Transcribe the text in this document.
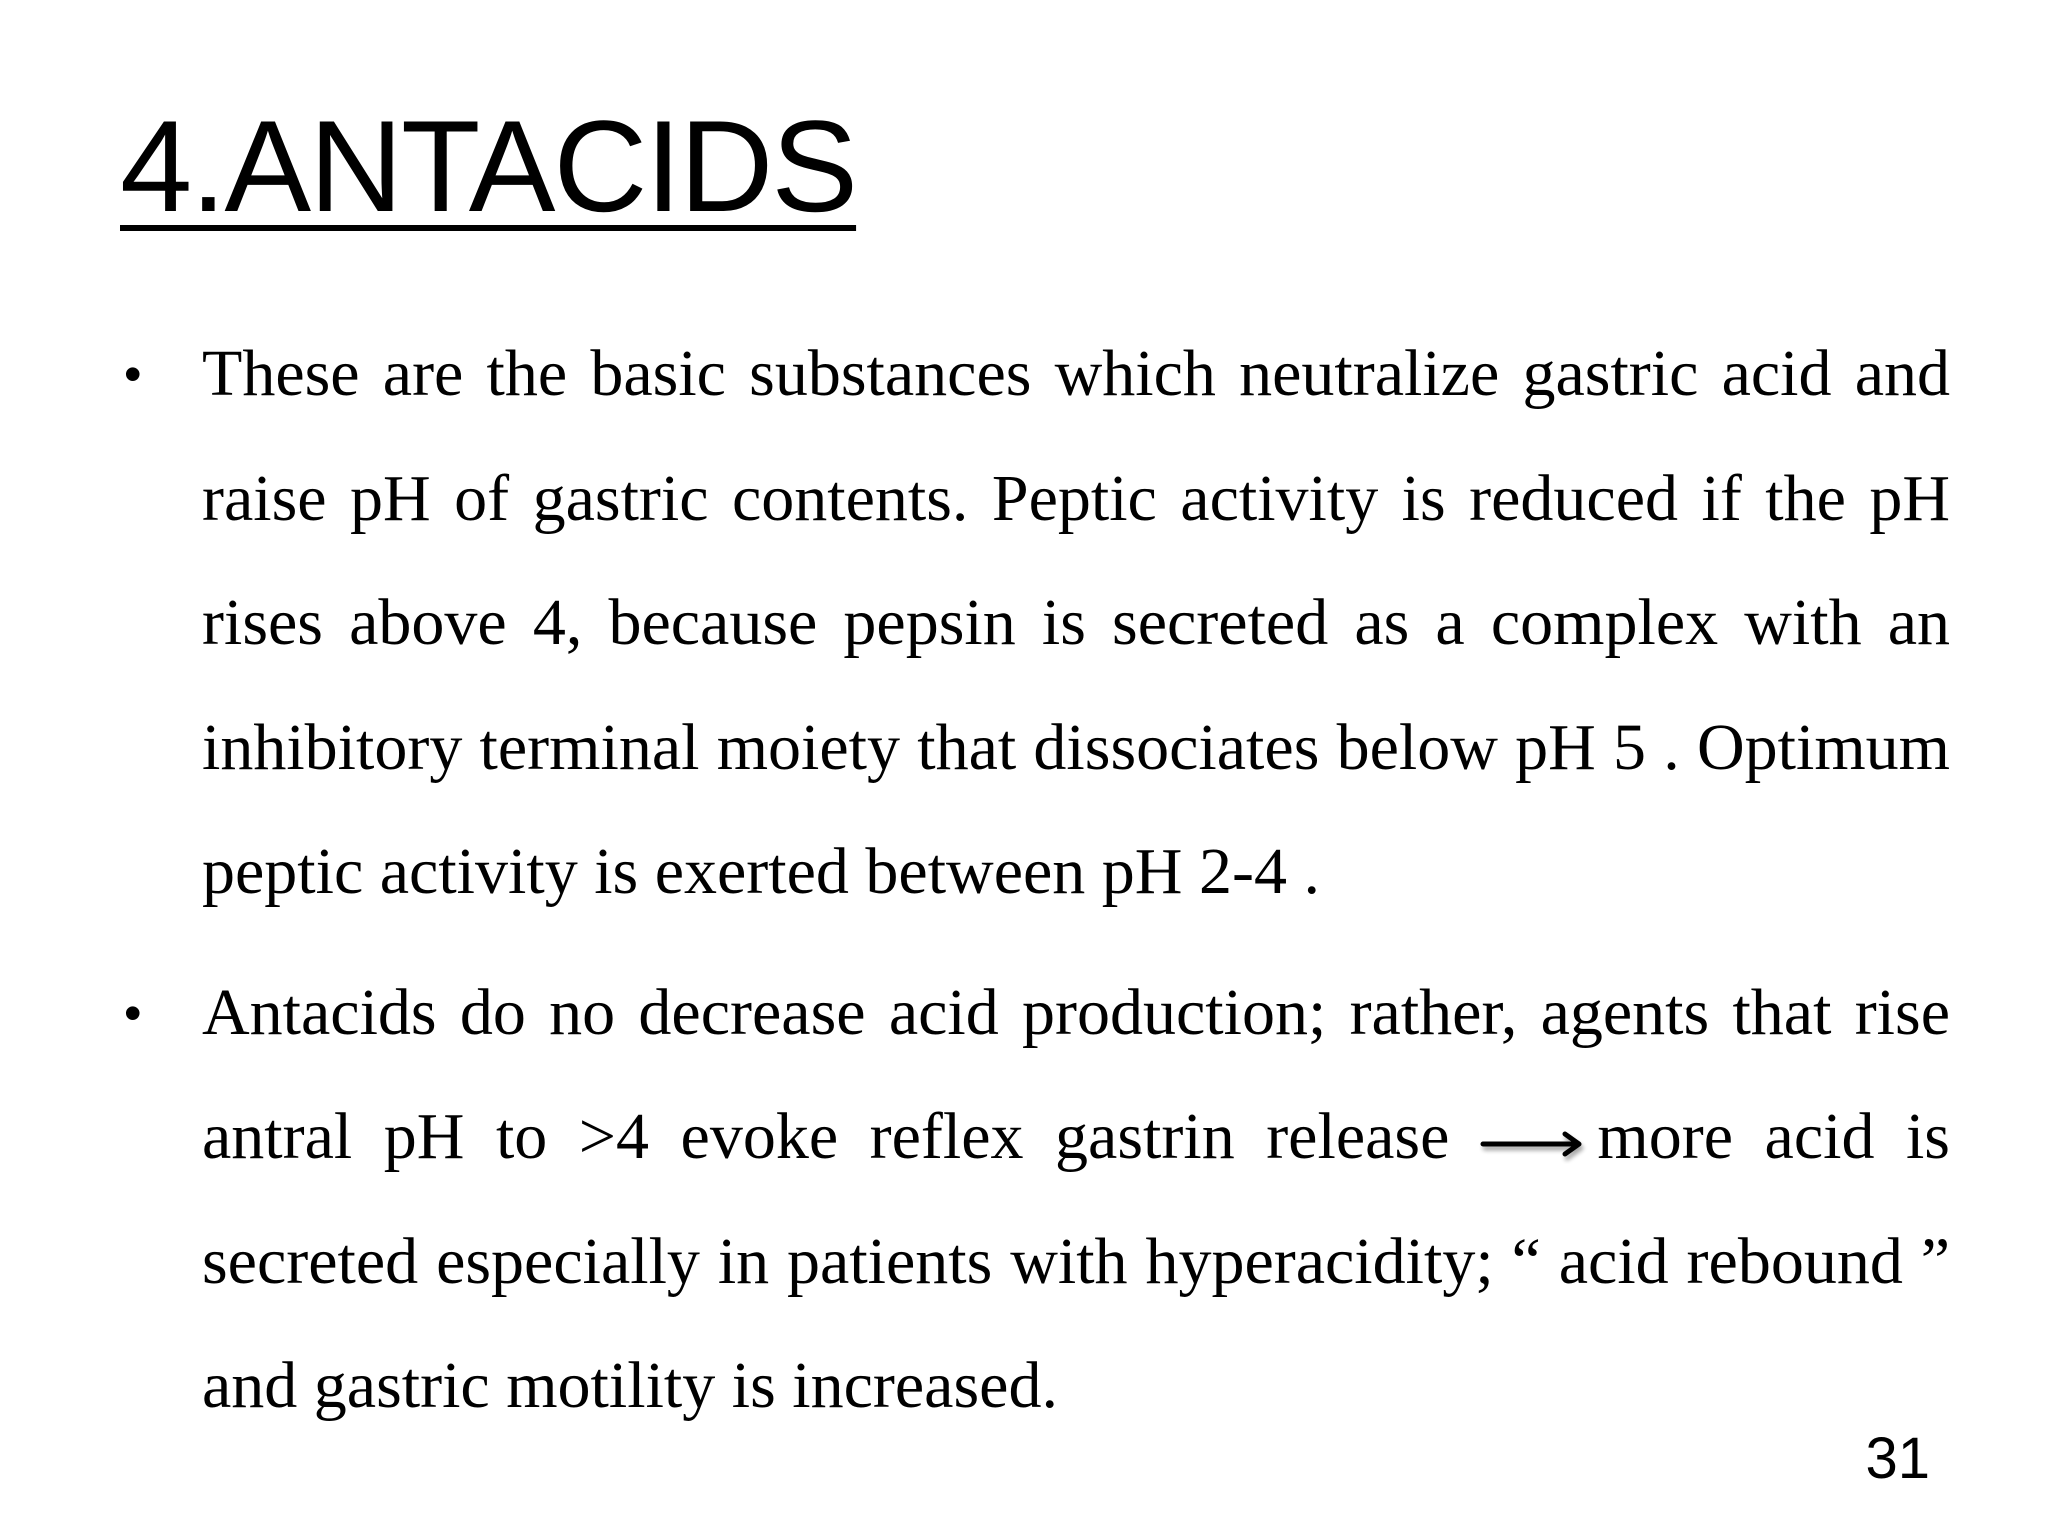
4.ANTACIDS
• These are the basic substances which neutralize gastric acid and raise pH of gastric contents. Peptic activity is reduced if the pH rises above 4, because pepsin is secreted as a complex with an inhibitory terminal moiety that dissociates below pH 5 . Optimum peptic activity is exerted between pH 2-4 .
• Antacids do no decrease acid production; rather, agents that rise antral pH to >4 evoke reflex gastrin release more acid is secreted especially in patients with hyperacidity; “ acid rebound ” and gastric motility is increased.
31
